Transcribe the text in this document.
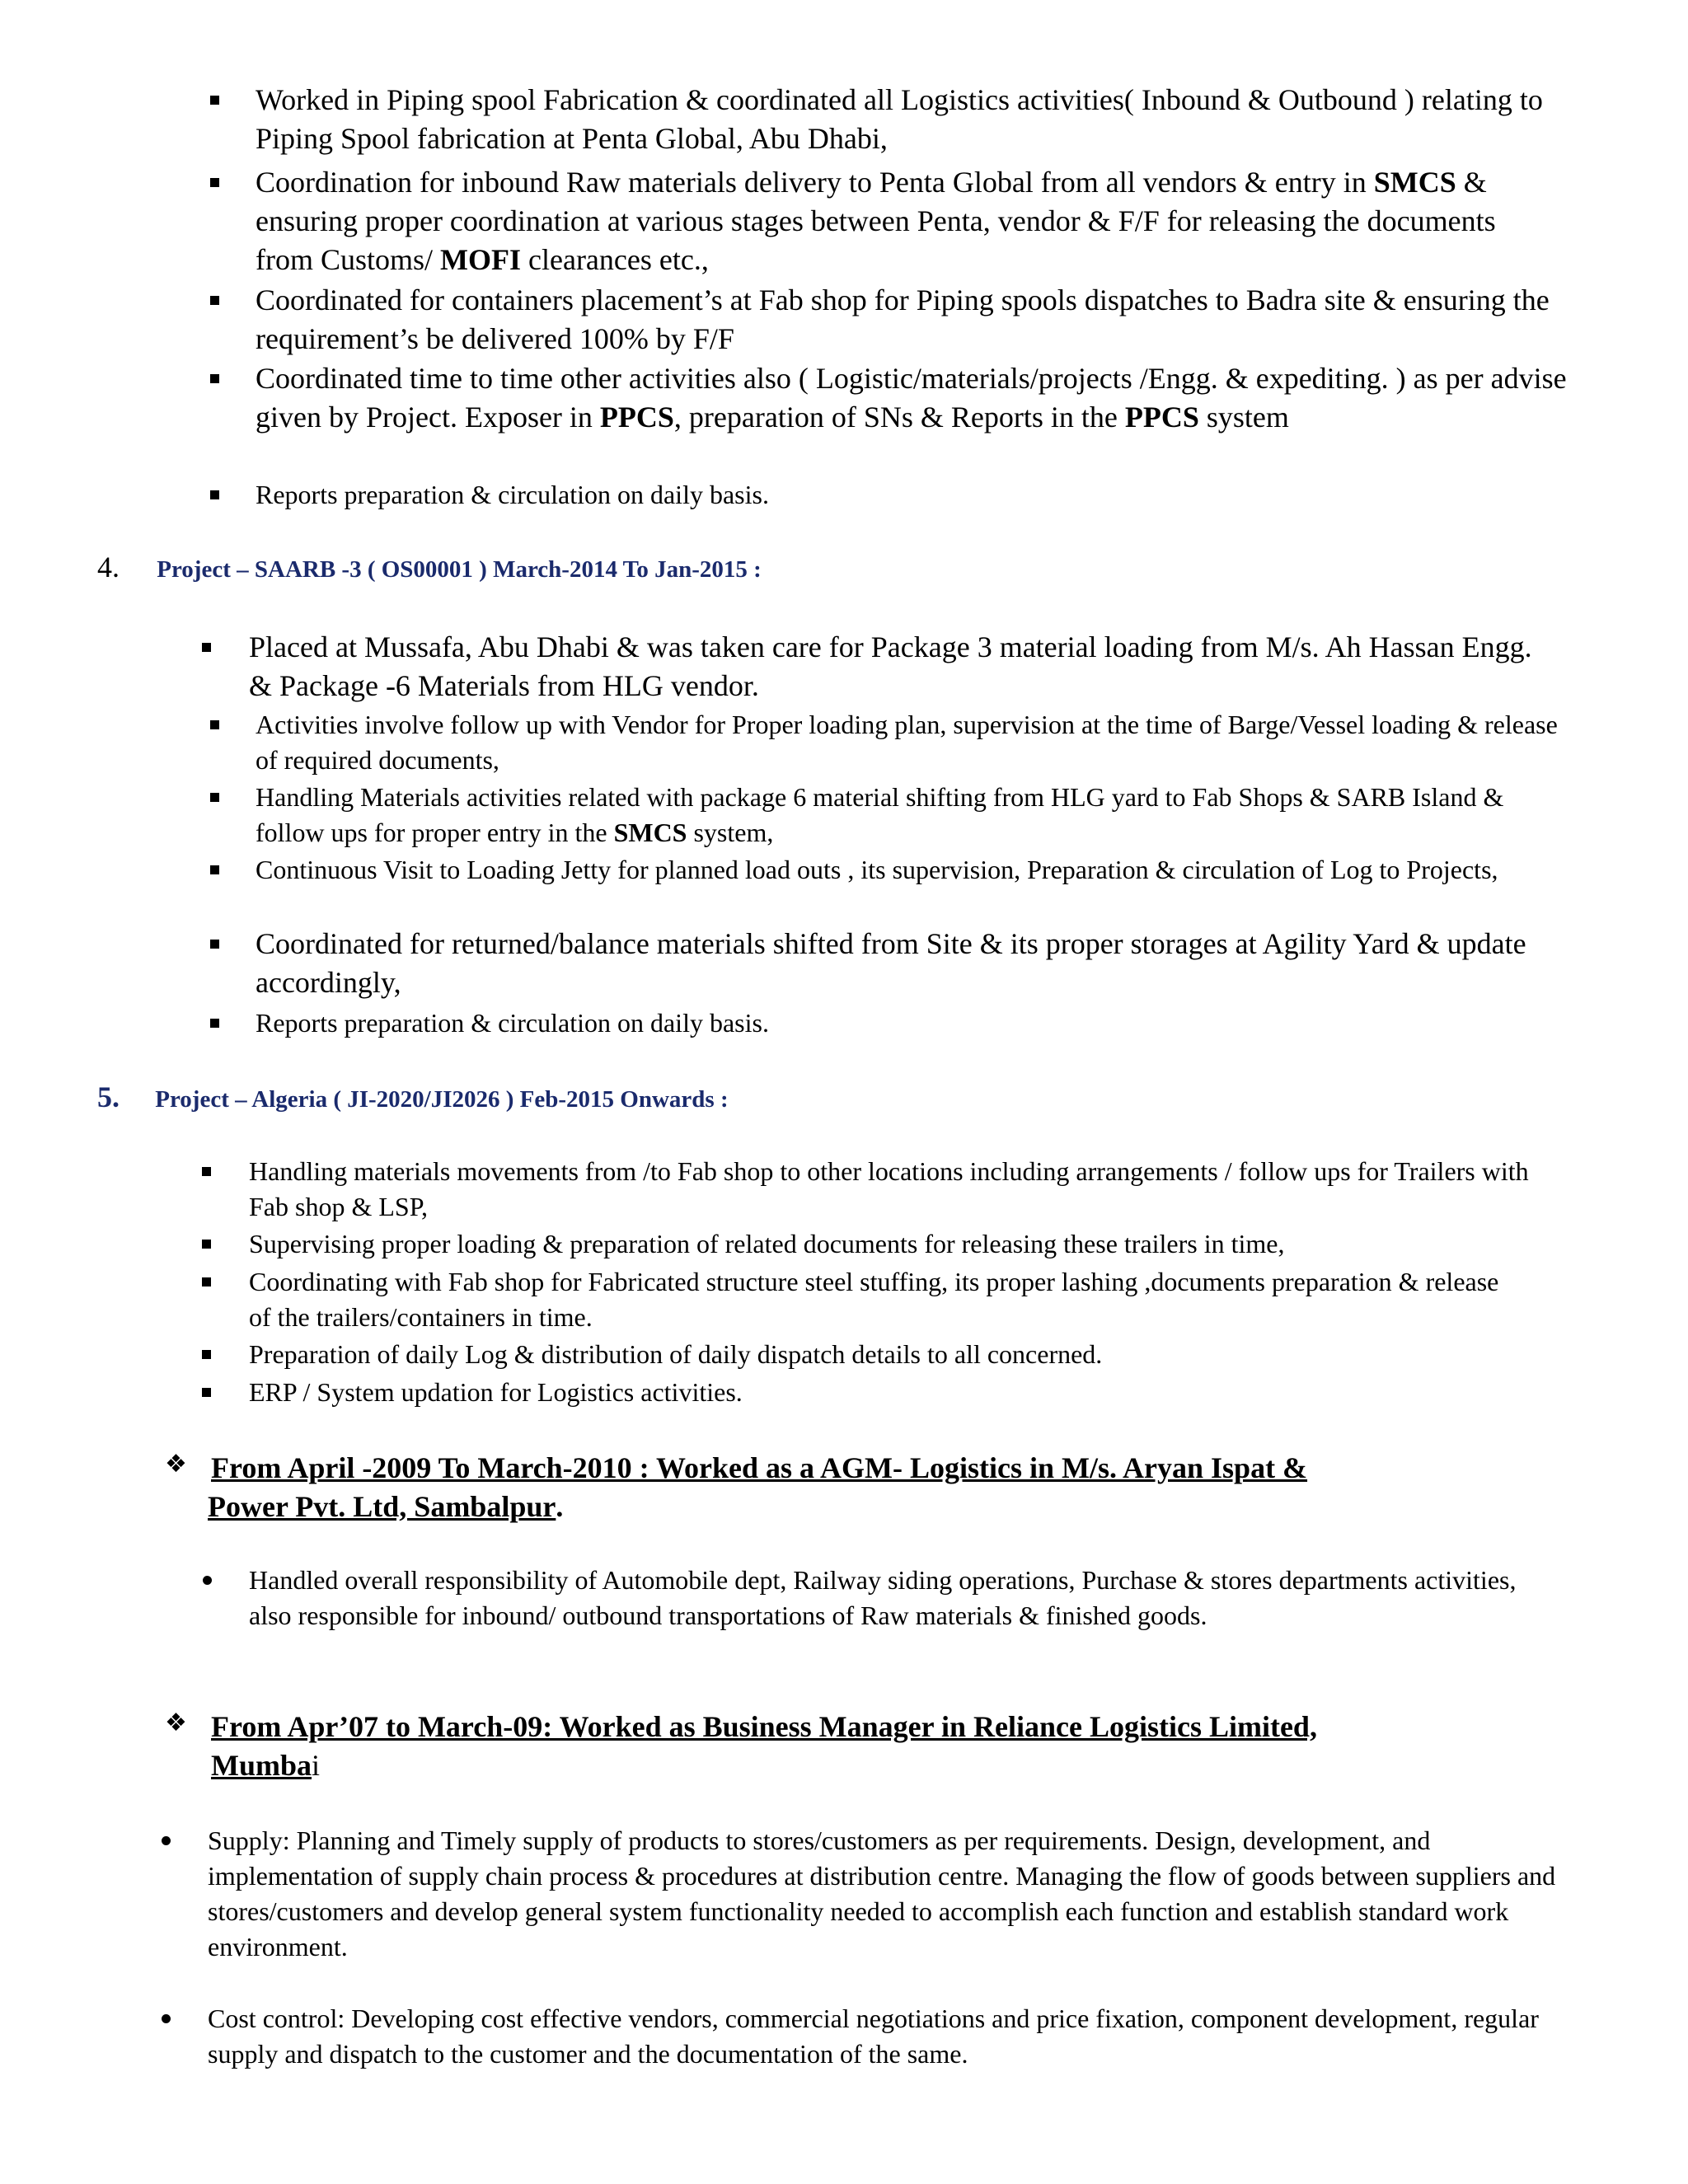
Worked in Piping spool Fabrication & coordinated all Logistics activities( Inbound & Outbound ) relating to Piping Spool fabrication at Penta Global, Abu Dhabi,
Coordination for inbound Raw materials delivery to Penta Global from all vendors & entry in SMCS & ensuring proper coordination at various stages between Penta, vendor & F/F for releasing the documents from Customs/ MOFI clearances etc.,
Coordinated for containers placement’s at Fab shop for Piping spools dispatches to Badra site & ensuring the requirement’s be delivered 100% by F/F
Coordinated time to time other activities also ( Logistic/materials/projects /Engg. & expediting. ) as per advise given by Project. Exposer in PPCS, preparation of SNs & Reports in the PPCS system
Reports preparation & circulation on daily basis.
4. Project – SAARB -3 ( OS00001 ) March-2014 To Jan-2015 :
Placed at Mussafa, Abu Dhabi & was taken care for Package 3 material loading from M/s. Ah Hassan Engg. & Package -6 Materials from HLG vendor.
Activities involve follow up with Vendor for Proper loading plan, supervision at the time of Barge/Vessel loading & release of required documents,
Handling Materials activities related with package 6 material shifting from HLG yard to Fab Shops & SARB Island & follow ups for proper entry in the SMCS system,
Continuous Visit to Loading Jetty for planned load outs , its supervision, Preparation & circulation of Log to Projects,
Coordinated for returned/balance materials shifted from Site & its proper storages at Agility Yard & update accordingly,
Reports preparation & circulation on daily basis.
5. Project – Algeria ( JI-2020/JI2026 ) Feb-2015 Onwards :
Handling materials movements from /to Fab shop to other locations including arrangements / follow ups for Trailers with Fab shop & LSP,
Supervising proper loading & preparation of related documents for releasing these trailers in time,
Coordinating with Fab shop for Fabricated structure steel stuffing, its proper lashing ,documents preparation & release of the trailers/containers in time.
Preparation of daily Log & distribution of daily dispatch details to all concerned.
ERP / System updation for Logistics activities.
❖ From April -2009 To March-2010 : Worked as a AGM- Logistics in M/s. Aryan Ispat &
Power Pvt. Ltd, Sambalpur.
Handled overall responsibility of Automobile dept, Railway siding operations, Purchase & stores departments activities, also responsible for inbound/ outbound transportations of Raw materials & finished goods.
❖ From Apr’07 to March-09: Worked as Business Manager in Reliance Logistics Limited,
Mumbai
Supply: Planning and Timely supply of products to stores/customers as per requirements. Design, development, and implementation of supply chain process & procedures at distribution centre. Managing the flow of goods between suppliers and stores/customers and develop general system functionality needed to accomplish each function and establish standard work environment.
Cost control: Developing cost effective vendors, commercial negotiations and price fixation, component development, regular supply and dispatch to the customer and the documentation of the same.
